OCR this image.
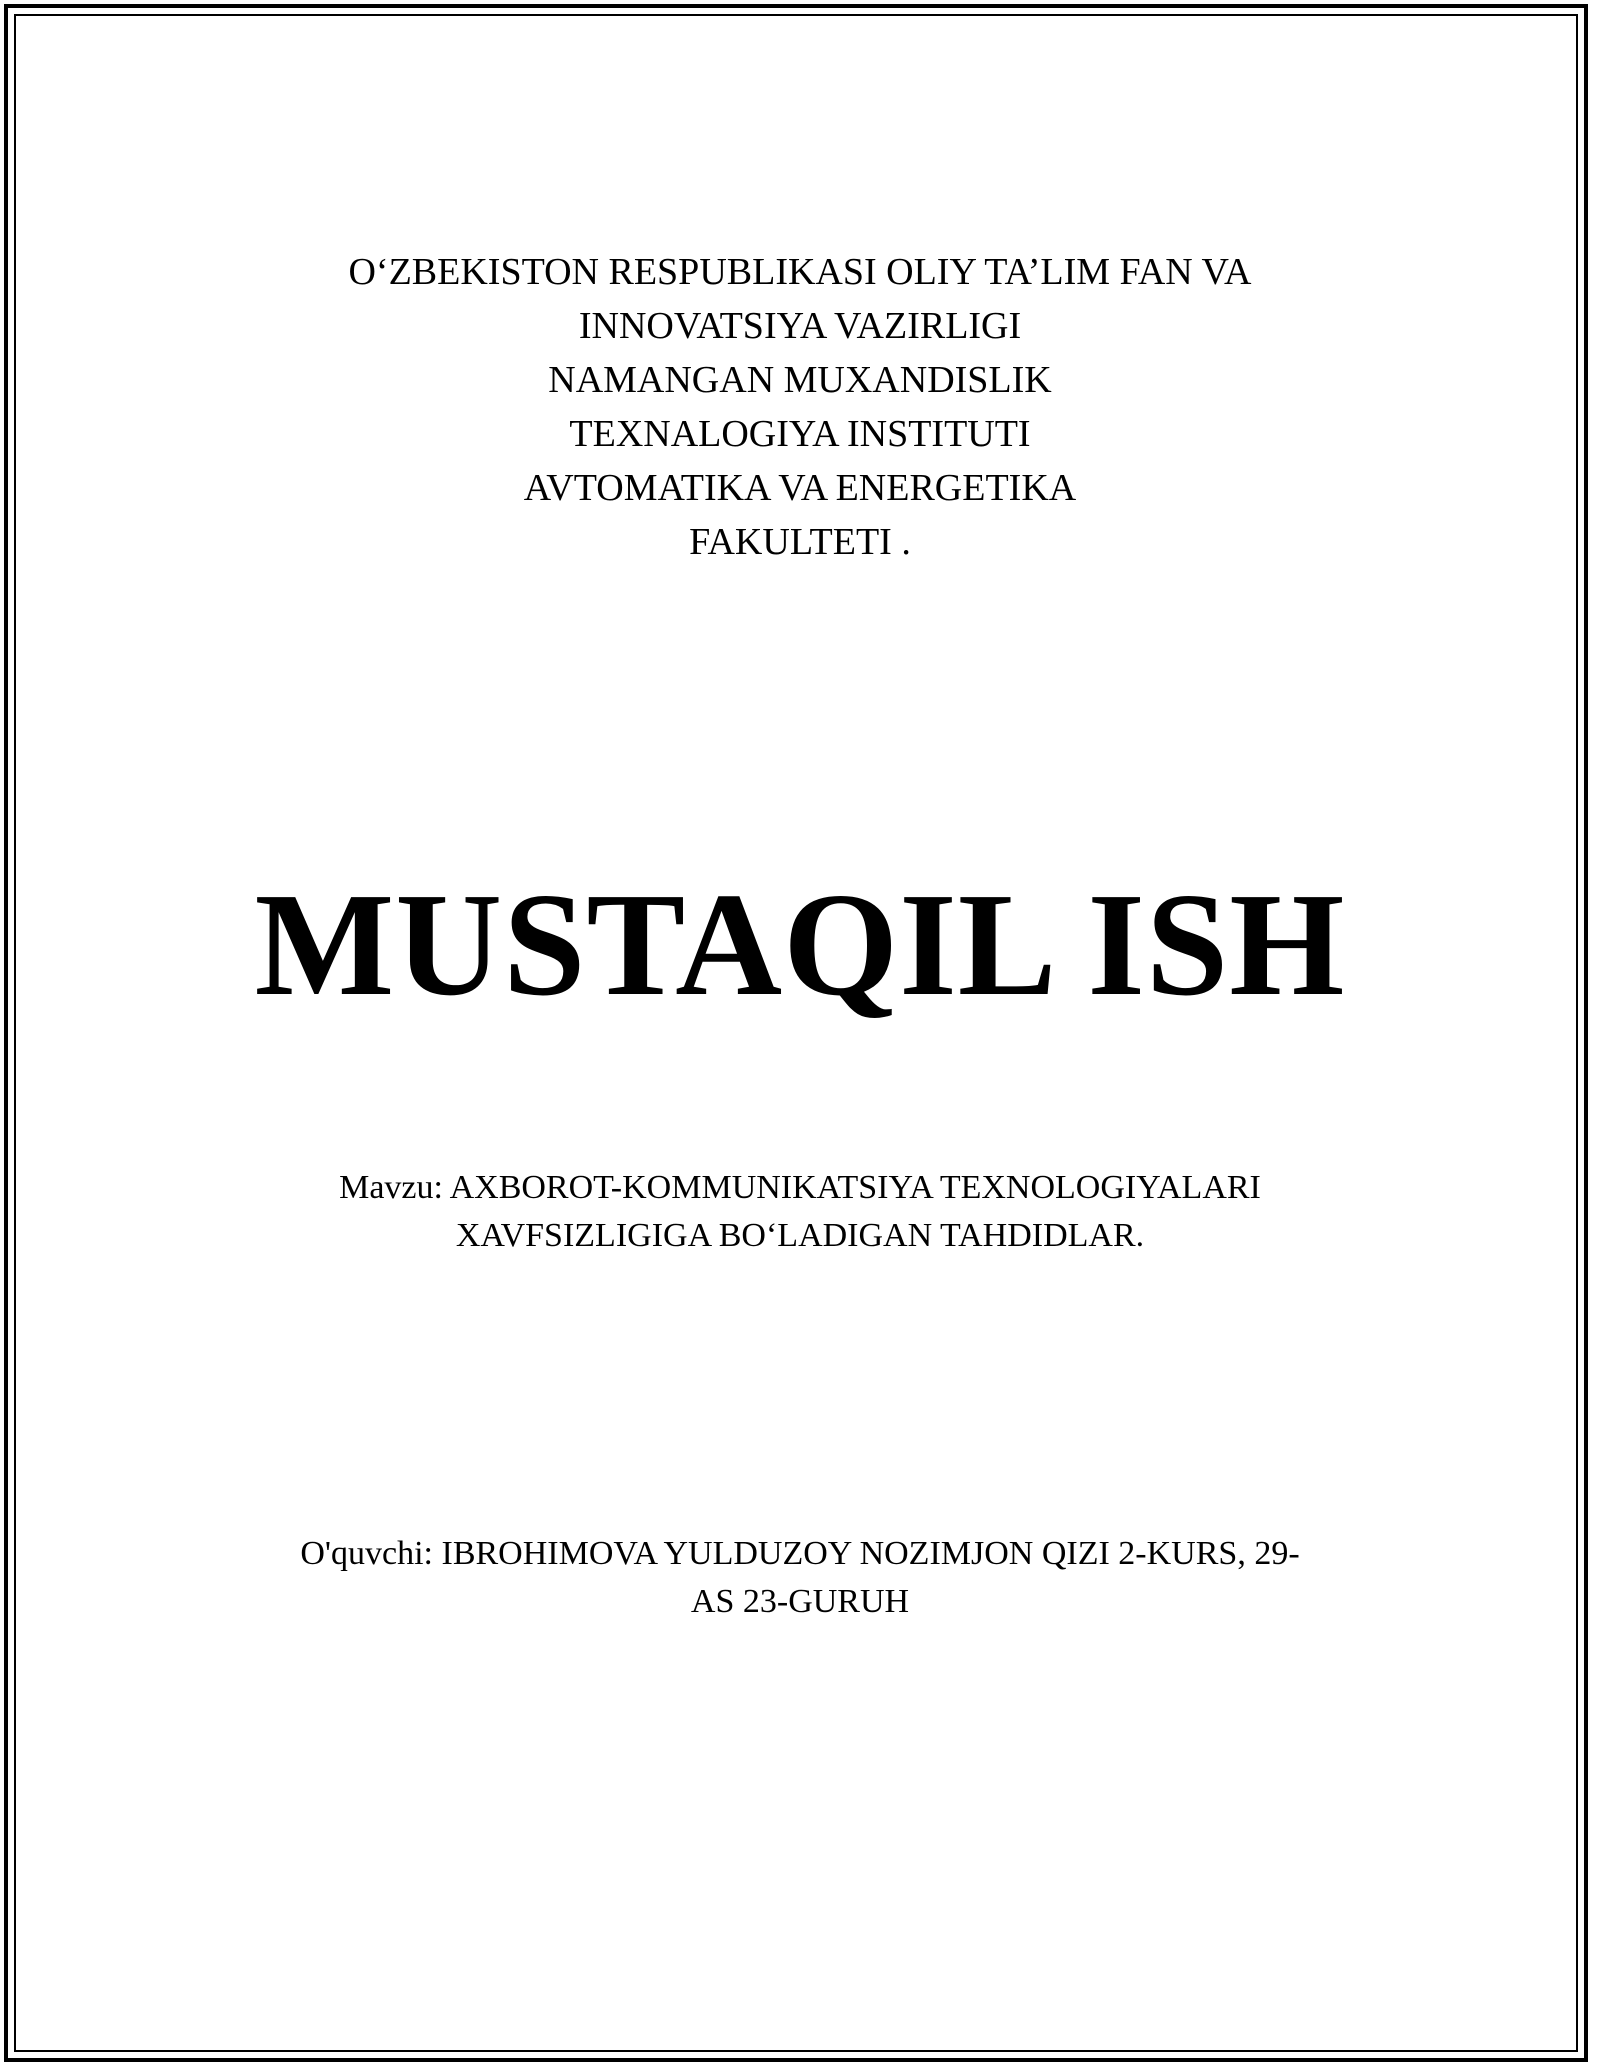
O‘ZBEKISTON RESPUBLIKASI OLIY TA’LIM FAN VA
INNOVATSIYA VAZIRLIGI
NAMANGAN MUXANDISLIK
TEXNALOGIYA INSTITUTI
AVTOMATIKA VA ENERGETIKA
FAKULTETI .
MUSTAQIL ISH
Mavzu: AXBOROT-KOMMUNIKATSIYA TEXNOLOGIYALARI
XAVFSIZLIGIGA BO‘LADIGAN TAHDIDLAR.
O'quvchi: IBROHIMOVA YULDUZOY NOZIMJON QIZI 2-KURS, 29-
AS 23-GURUH
